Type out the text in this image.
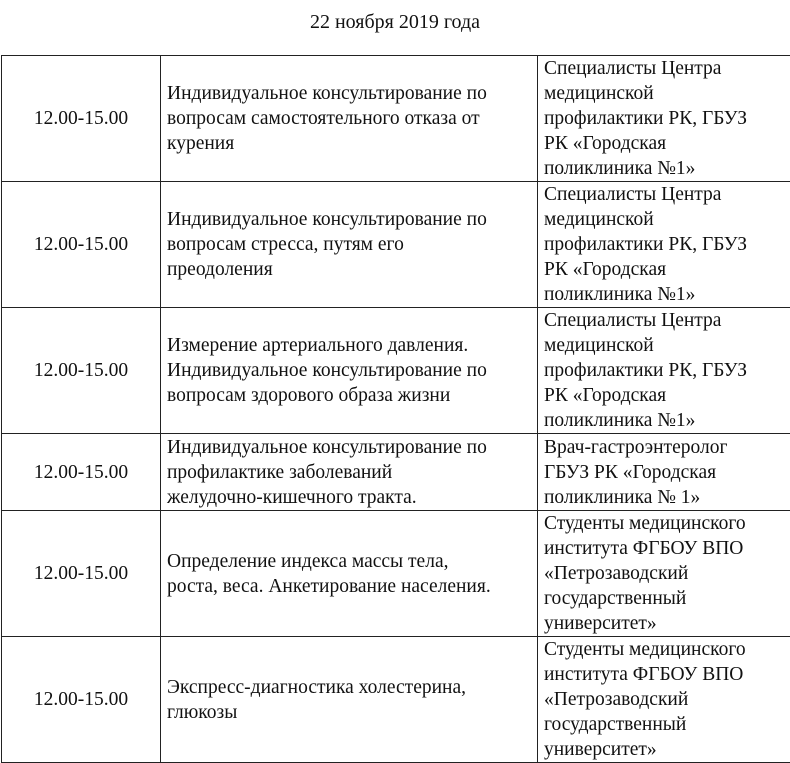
22 ноября 2019 года
12.00-15.00	Индивидуальное консультирование по
вопросам самостоятельного отказа от
курения	Специалисты Центра
медицинской
профилактики РК, ГБУЗ
РК «Городская
поликлиника №1»

12.00-15.00	Индивидуальное консультирование по
вопросам стресса, путям его
преодоления	Специалисты Центра
медицинской
профилактики РК, ГБУЗ
РК «Городская
поликлиника №1»

12.00-15.00	Измерение артериального давления.
Индивидуальное консультирование по
вопросам здорового образа жизни	Специалисты Центра
медицинской
профилактики РК, ГБУЗ
РК «Городская
поликлиника №1»

12.00-15.00	Индивидуальное консультирование по
профилактике заболеваний
желудочно-кишечного тракта.	Врач-гастроэнтеролог
ГБУЗ РК «Городская
поликлиника № 1»

12.00-15.00	Определение индекса массы тела,
роста, веса. Анкетирование населения.	Студенты медицинского
института ФГБОУ ВПО
«Петрозаводский
государственный
университет»

12.00-15.00	Экспресс-диагностика холестерина,
глюкозы	Студенты медицинского
института ФГБОУ ВПО
«Петрозаводский
государственный
университет»
